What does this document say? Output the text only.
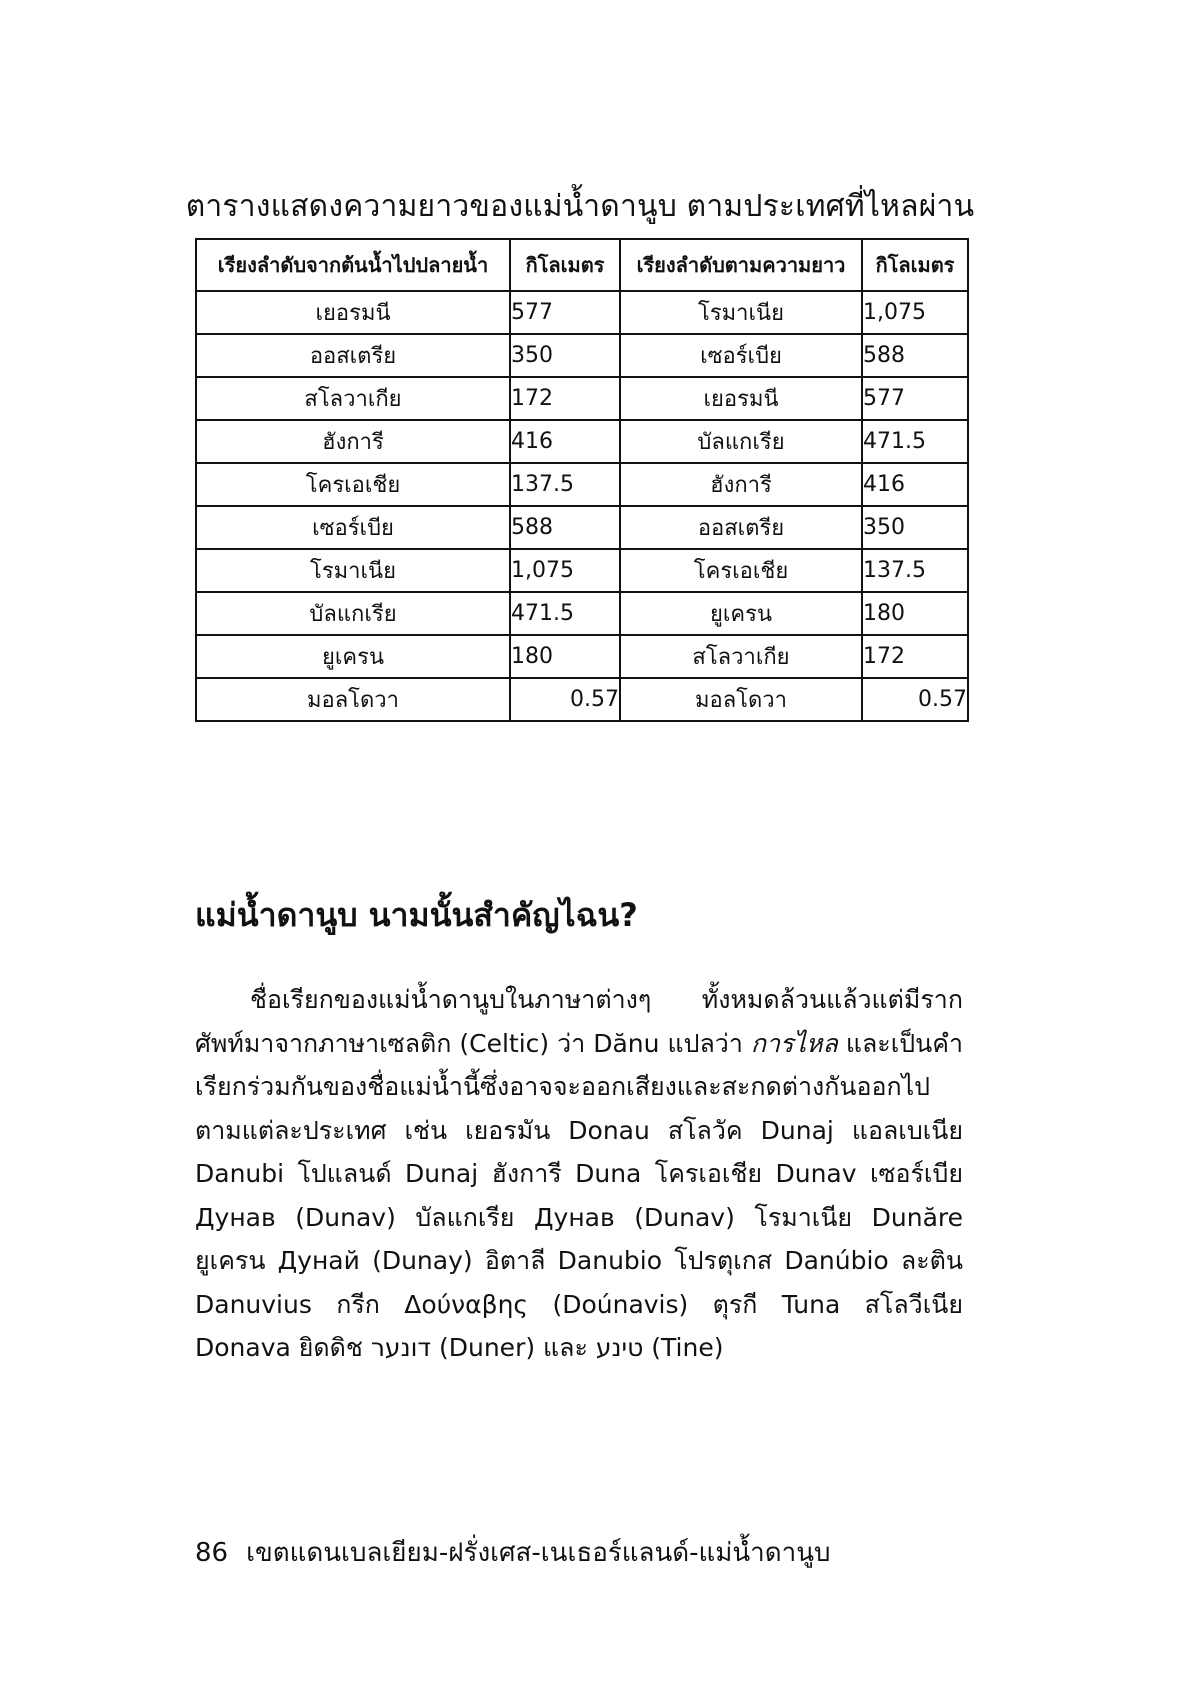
ตารางแสดงความยาวของแม่น้ำดานูบ ตามประเทศที่ไหลผ่าน
เรียงลำดับจากต้นน้ำไปปลายน้ำ	กิโลเมตร	เรียงลำดับตามความยาว	กิโลเมตร
เยอรมนี	577	โรมาเนีย	1,075
ออสเตรีย	350	เซอร์เบีย	588
สโลวาเกีย	172	เยอรมนี	577
ฮังการี	416	บัลแกเรีย	471.5
โครเอเชีย	137.5	ฮังการี	416
เซอร์เบีย	588	ออสเตรีย	350
โรมาเนีย	1,075	โครเอเชีย	137.5
บัลแกเรีย	471.5	ยูเครน	180
ยูเครน	180	สโลวาเกีย	172
มอลโดวา	0.57	มอลโดวา	0.57
แม่น้ำดานูบ นามนั้นสำคัญไฉน?
ชื่อเรียกของแม่น้ำดานูบในภาษาต่างๆ ทั้งหมดล้วนแล้วแต่มีรากศัพท์มาจากภาษาเซลติก (Celtic) ว่า Dănu แปลว่า การไหล และเป็นคำเรียกร่วมกันของชื่อแม่น้ำนี้ซึ่งอาจจะออกเสียงและสะกดต่างกันออกไปตามแต่ละประเทศ เช่น เยอรมัน Donau สโลวัค Dunaj แอลเบเนีย Danubi โปแลนด์ Dunaj ฮังการี Duna โครเอเชีย Dunav เซอร์เบีย Дунав (Dunav) บัลแกเรีย Дунав (Dunav) โรมาเนีย Dunăre ยูเครน Дунай (Dunay) อิตาลี Danubio โปรตุเกส Danúbio ละติน Danuvius กรีก Δούναβης (Doúnavis) ตุรกี Tuna สโลวีเนีย Donava ยิดดิช דונער (Duner) และ טינע (Tine)
86 เขตแดนเบลเยียม-ฝรั่งเศส-เนเธอร์แลนด์-แม่น้ำดานูบ
